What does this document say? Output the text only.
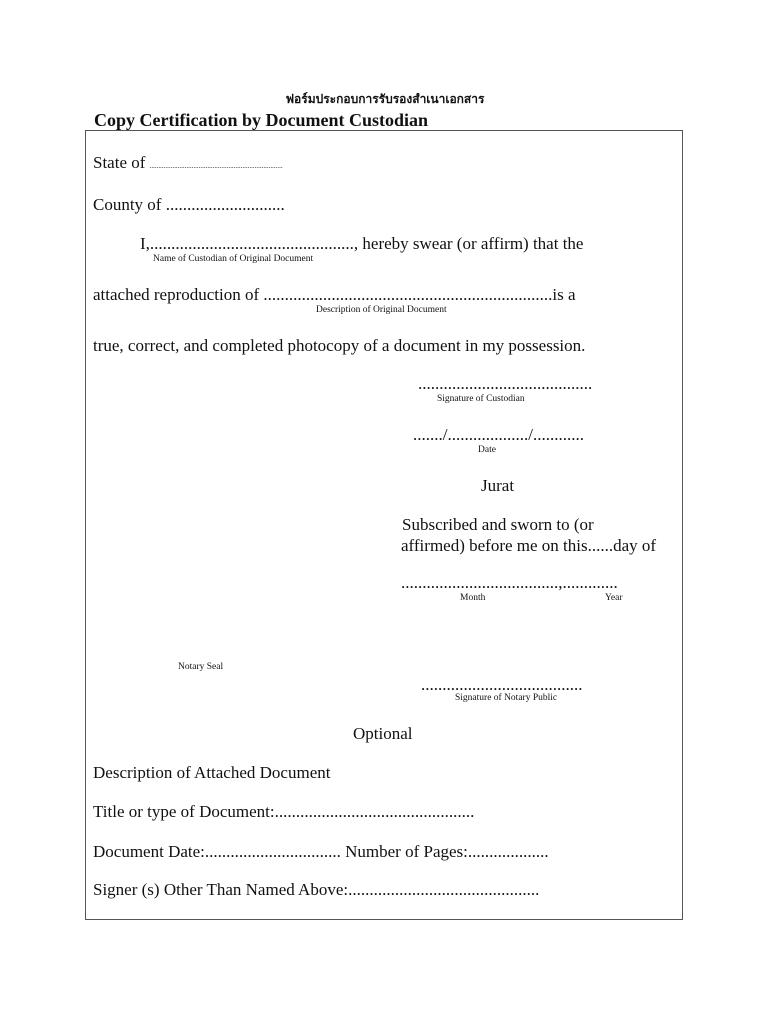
ฟอร์มประกอบการรับรองสำเนาเอกสาร
Copy Certification by Document Custodian
State of ............................................................................
County of ............................
I,................................................, hereby swear (or affirm) that the
Name of Custodian of Original Document
attached reproduction of ....................................................................is a
Description of Original Document
true, correct, and completed photocopy of a document in my possession.
.........................................
Signature of Custodian
......./.................../............
Date
Jurat
Subscribed and sworn to (or
affirmed) before me on this......day of
.....................................,.............
Month	Year
Notary Seal
......................................
Signature of Notary Public
Optional
Description of Attached Document
Title or type of Document:...............................................
Document Date:................................ Number of Pages:...................
Signer (s) Other Than Named Above:.............................................
